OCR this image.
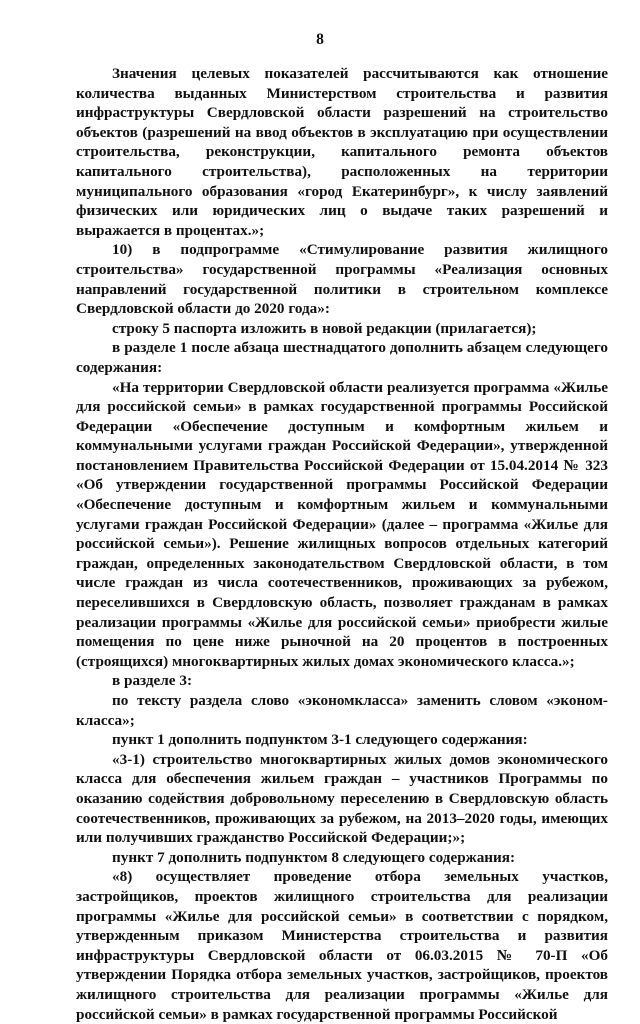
8

Значения целевых показателей рассчитываются как отношение количества выданных Министерством строительства и развития инфраструктуры Свердловской области разрешений на строительство объектов (разрешений на ввод объектов в эксплуатацию при осуществлении строительства, реконструкции, капитального ремонта объектов капитального строительства), расположенных на территории муниципального образования «город Екатеринбург», к числу заявлений физических или юридических лиц о выдаче таких разрешений и выражается в процентах.»;

10) в подпрограмме «Стимулирование развития жилищного строительства» государственной программы «Реализация основных направлений государственной политики в строительном комплексе Свердловской области до 2020 года»:

строку 5 паспорта изложить в новой редакции (прилагается);

в разделе 1 после абзаца шестнадцатого дополнить абзацем следующего содержания:

«На территории Свердловской области реализуется программа «Жилье для российской семьи» в рамках государственной программы Российской Федерации «Обеспечение доступным и комфортным жильем и коммунальными услугами граждан Российской Федерации», утвержденной постановлением Правительства Российской Федерации от 15.04.2014 № 323 «Об утверждении государственной программы Российской Федерации «Обеспечение доступным и комфортным жильем и коммунальными услугами граждан Российской Федерации» (далее – программа «Жилье для российской семьи»). Решение жилищных вопросов отдельных категорий граждан, определенных законодательством Свердловской области, в том числе граждан из числа соотечественников, проживающих за рубежом, переселившихся в Свердловскую область, позволяет гражданам в рамках реализации программы «Жилье для российской семьи» приобрести жилые помещения по цене ниже рыночной на 20 процентов в построенных (строящихся) многоквартирных жилых домах экономического класса.»;

в разделе 3:

по тексту раздела слово «экономкласса» заменить словом «эконом-класса»;

пункт 1 дополнить подпунктом 3-1 следующего содержания:

«3-1) строительство многоквартирных жилых домов экономического класса для обеспечения жильем граждан – участников Программы по оказанию содействия добровольному переселению в Свердловскую область соотечественников, проживающих за рубежом, на 2013–2020 годы, имеющих или получивших гражданство Российской Федерации;»;

пункт 7 дополнить подпунктом 8 следующего содержания:

«8) осуществляет проведение отбора земельных участков, застройщиков, проектов жилищного строительства для реализации программы «Жилье для российской семьи» в соответствии с порядком, утвержденным приказом Министерства строительства и развития инфраструктуры Свердловской области от 06.03.2015 № 70-П «Об утверждении Порядка отбора земельных участков, застройщиков, проектов жилищного строительства для реализации программы «Жилье для российской семьи» в рамках государственной программы Российской
